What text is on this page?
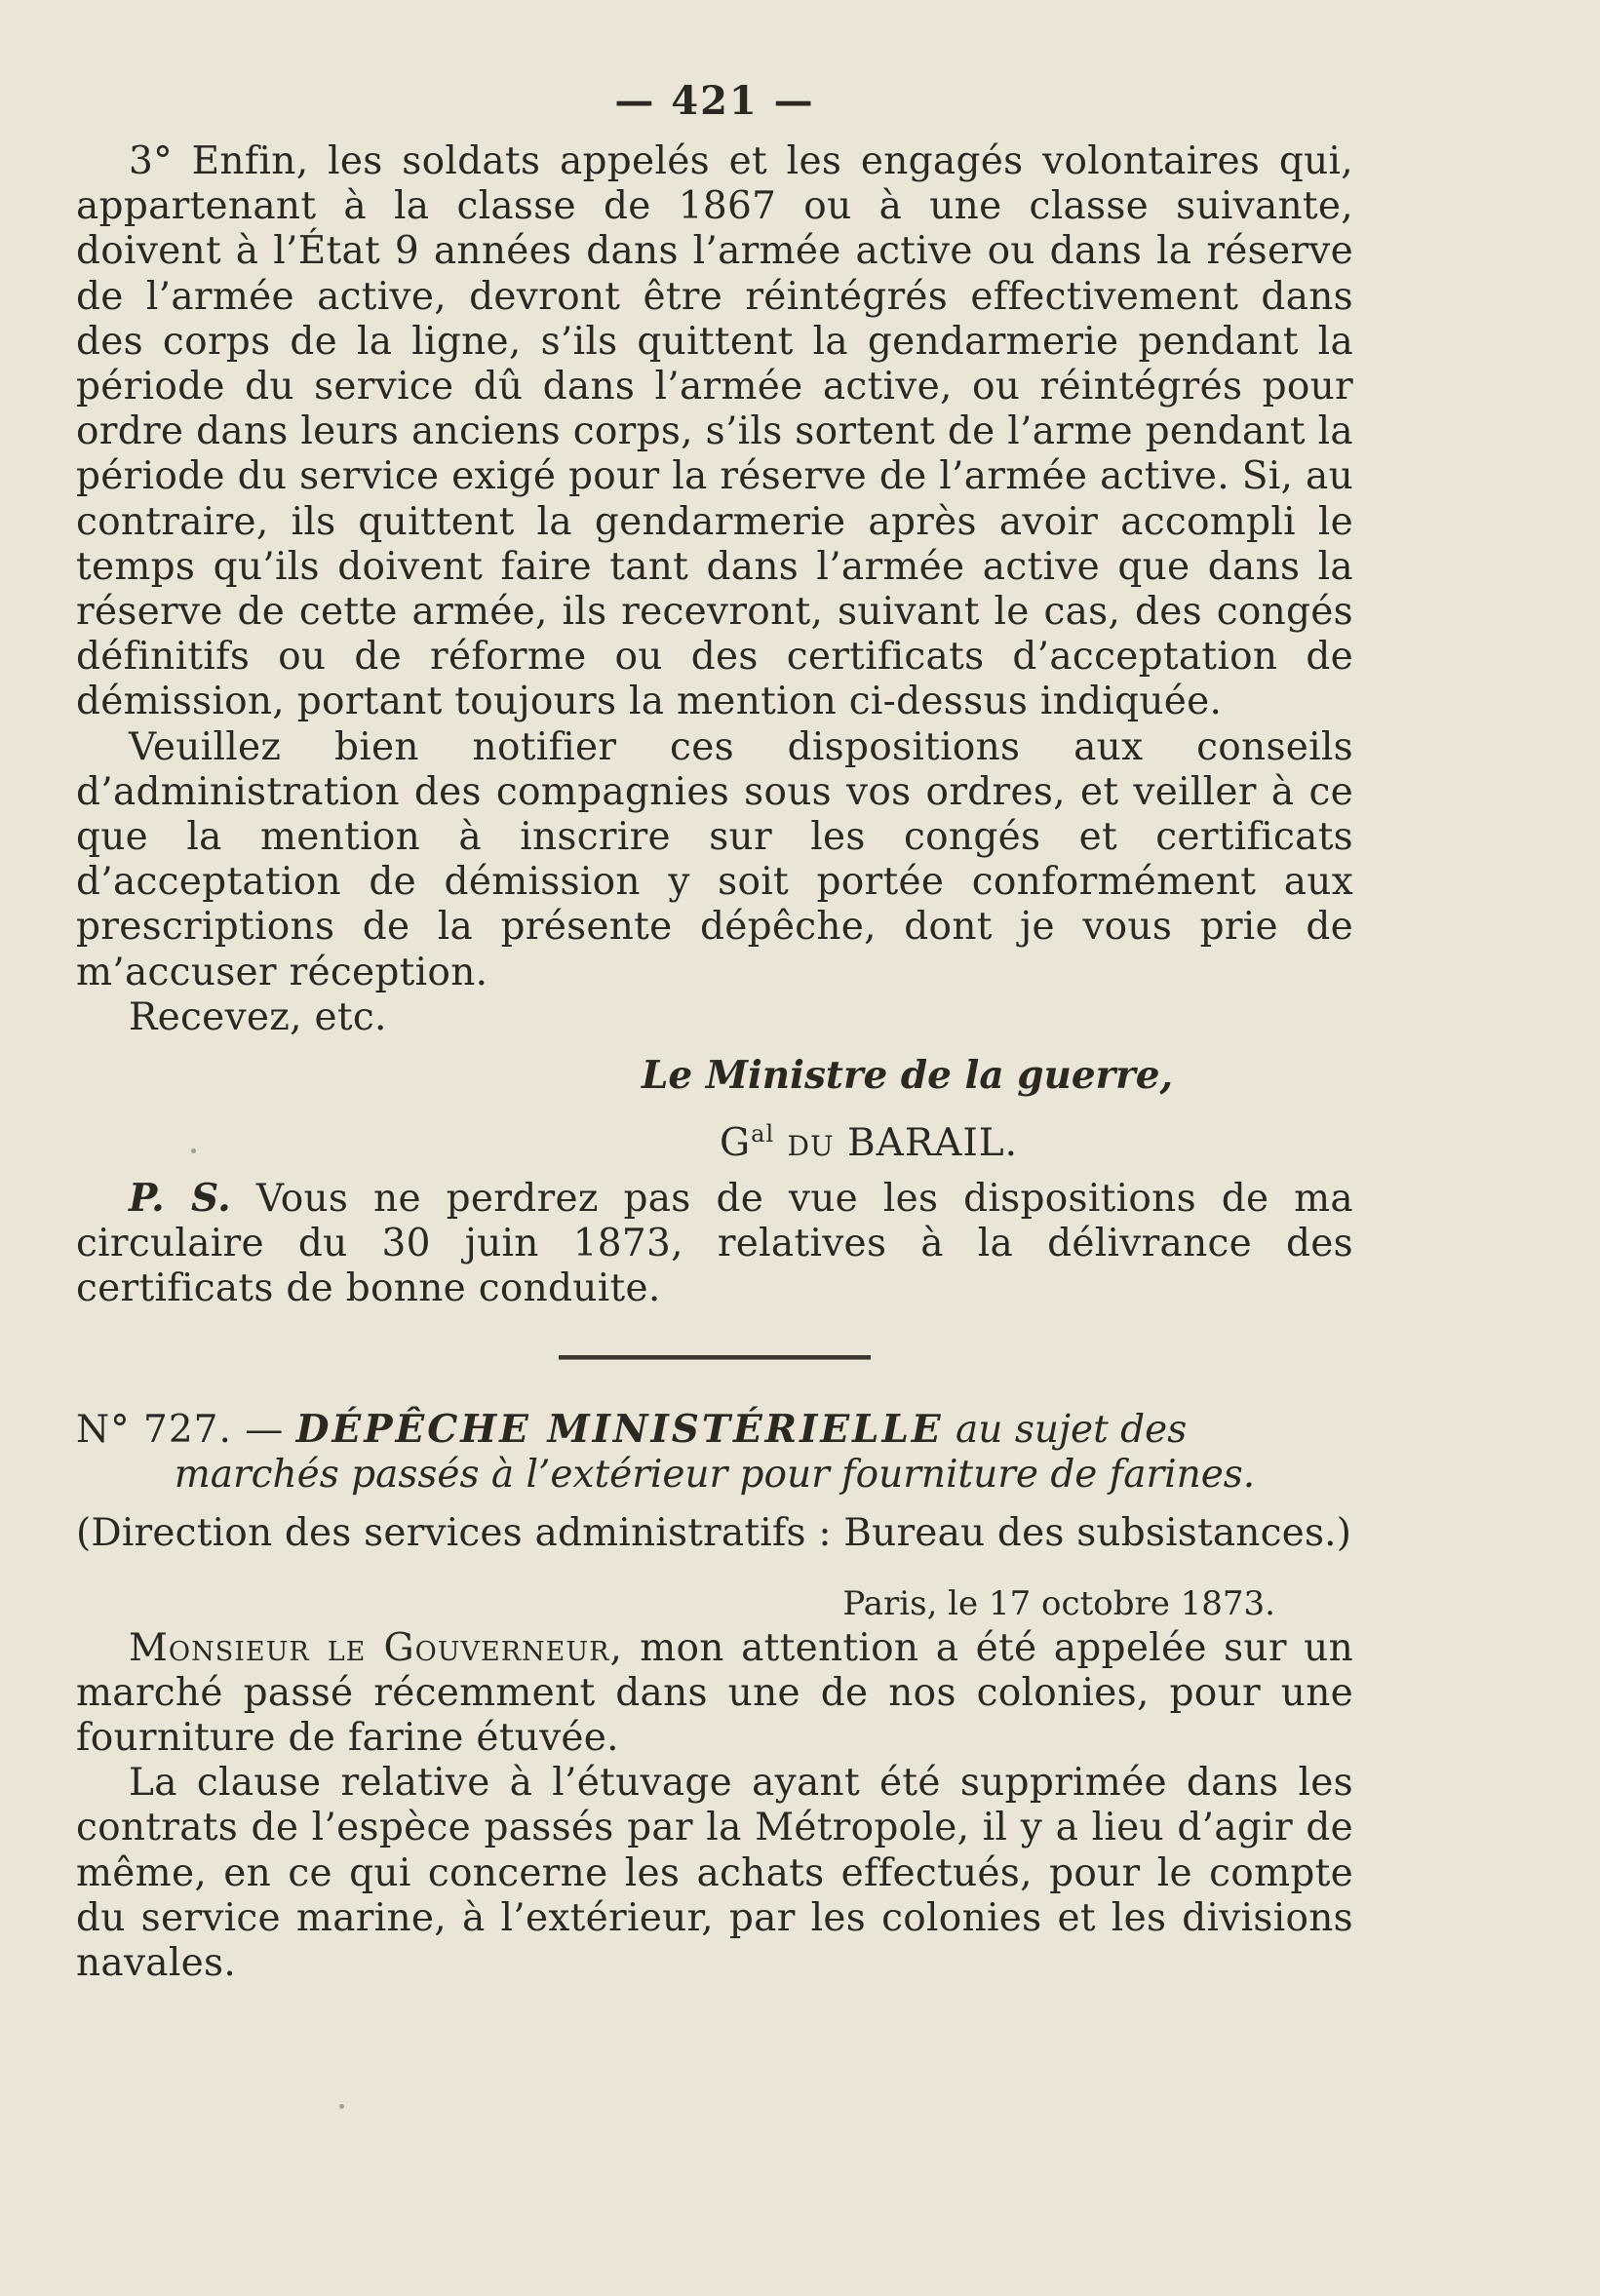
— 421 —

3° Enfin, les soldats appelés et les engagés volontaires qui, appartenant à la classe de 1867 ou à une classe suivante, doivent à l’État 9 années dans l’armée active ou dans la réserve de l’armée active, devront être réintégrés effectivement dans des corps de la ligne, s’ils quittent la gendarmerie pendant la période du service dû dans l’armée active, ou réintégrés pour ordre dans leurs anciens corps, s’ils sortent de l’arme pendant la période du service exigé pour la réserve de l’armée active. Si, au contraire, ils quittent la gendarmerie après avoir accompli le temps qu’ils doivent faire tant dans l’armée active que dans la réserve de cette armée, ils recevront, suivant le cas, des congés définitifs ou de réforme ou des certificats d’acceptation de démission, portant toujours la mention ci-dessus indiquée.

Veuillez bien notifier ces dispositions aux conseils d’administration des compagnies sous vos ordres, et veiller à ce que la mention à inscrire sur les congés et certificats d’acceptation de démission y soit portée conformément aux prescriptions de la présente dépêche, dont je vous prie de m’accuser réception.

Recevez, etc.

Le Ministre de la guerre,
$G^{al}$ DU BARAIL.

P. S. Vous ne perdrez pas de vue les dispositions de ma circulaire du 30 juin 1873, relatives à la délivrance des certificats de bonne conduite.

N° 727. — DÉPÊCHE MINISTÉRIELLE au sujet des

marchés passés à l’extérieur pour fourniture de farines.

(Direction des services administratifs : Bureau des subsistances.)
Paris, le 17 octobre 1873.

Monsieur le Gouverneur, mon attention a été appelée sur un marché passé récemment dans une de nos colonies, pour une fourniture de farine étuvée.

La clause relative à l’étuvage ayant été supprimée dans les contrats de l’espèce passés par la Métropole, il y a lieu d’agir de même, en ce qui concerne les achats effectués, pour le compte du service marine, à l’extérieur, par les colonies et les divisions navales.
